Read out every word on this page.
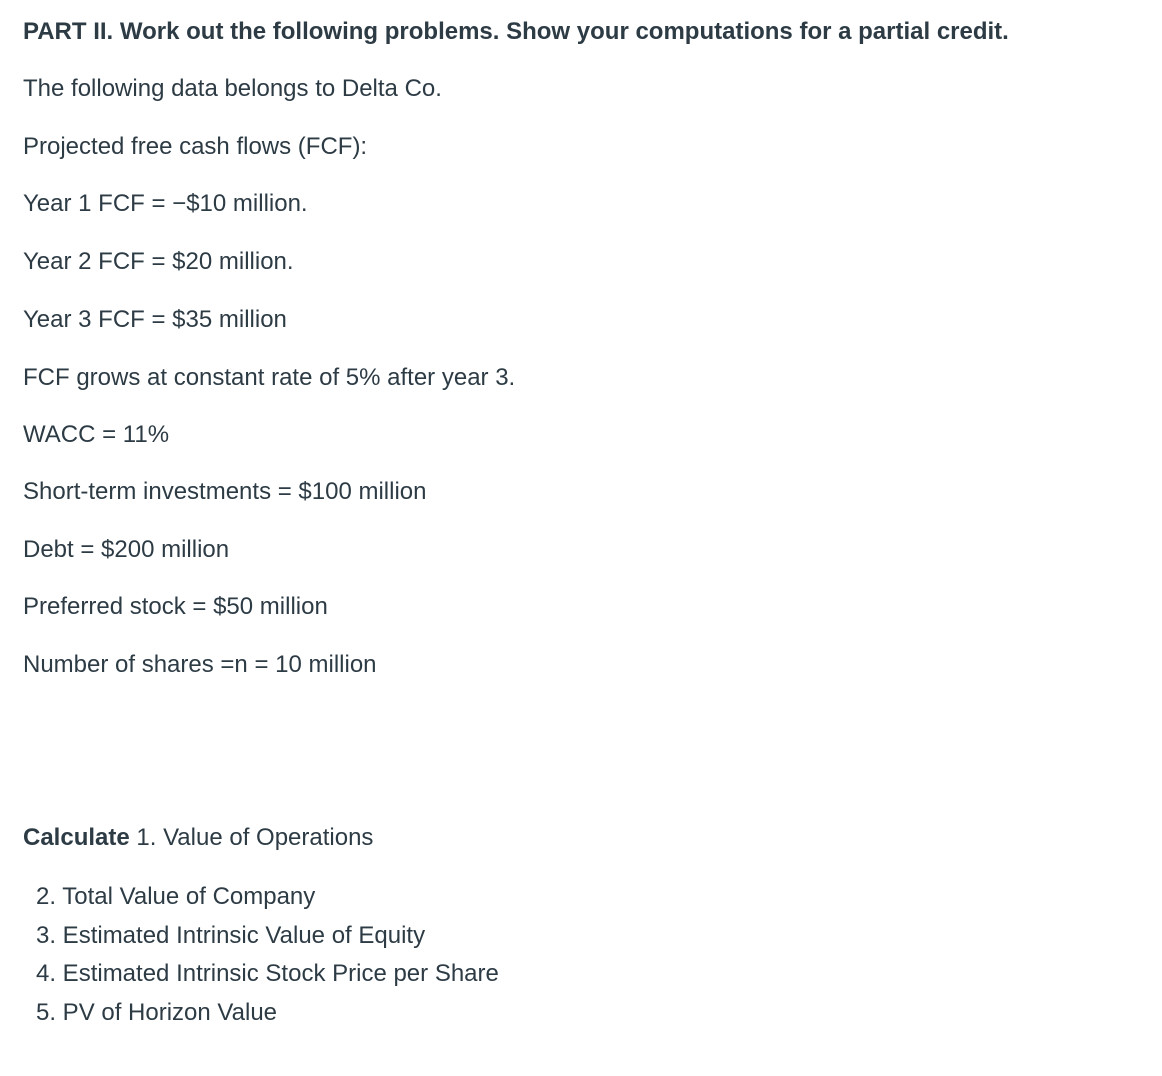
PART II. Work out the following problems. Show your computations for a partial credit.
The following data belongs to Delta Co.
Projected free cash flows (FCF):
Year 1 FCF = −$10 million.
Year 2 FCF = $20 million.
Year 3 FCF = $35 million
FCF grows at constant rate of 5% after year 3.
WACC = 11%
Short-term investments = $100 million
Debt = $200 million
Preferred stock = $50 million
Number of shares =n = 10 million
Calculate 1. Value of Operations
2. Total Value of Company
3. Estimated Intrinsic Value of Equity
4. Estimated Intrinsic Stock Price per Share
5. PV of Horizon Value
